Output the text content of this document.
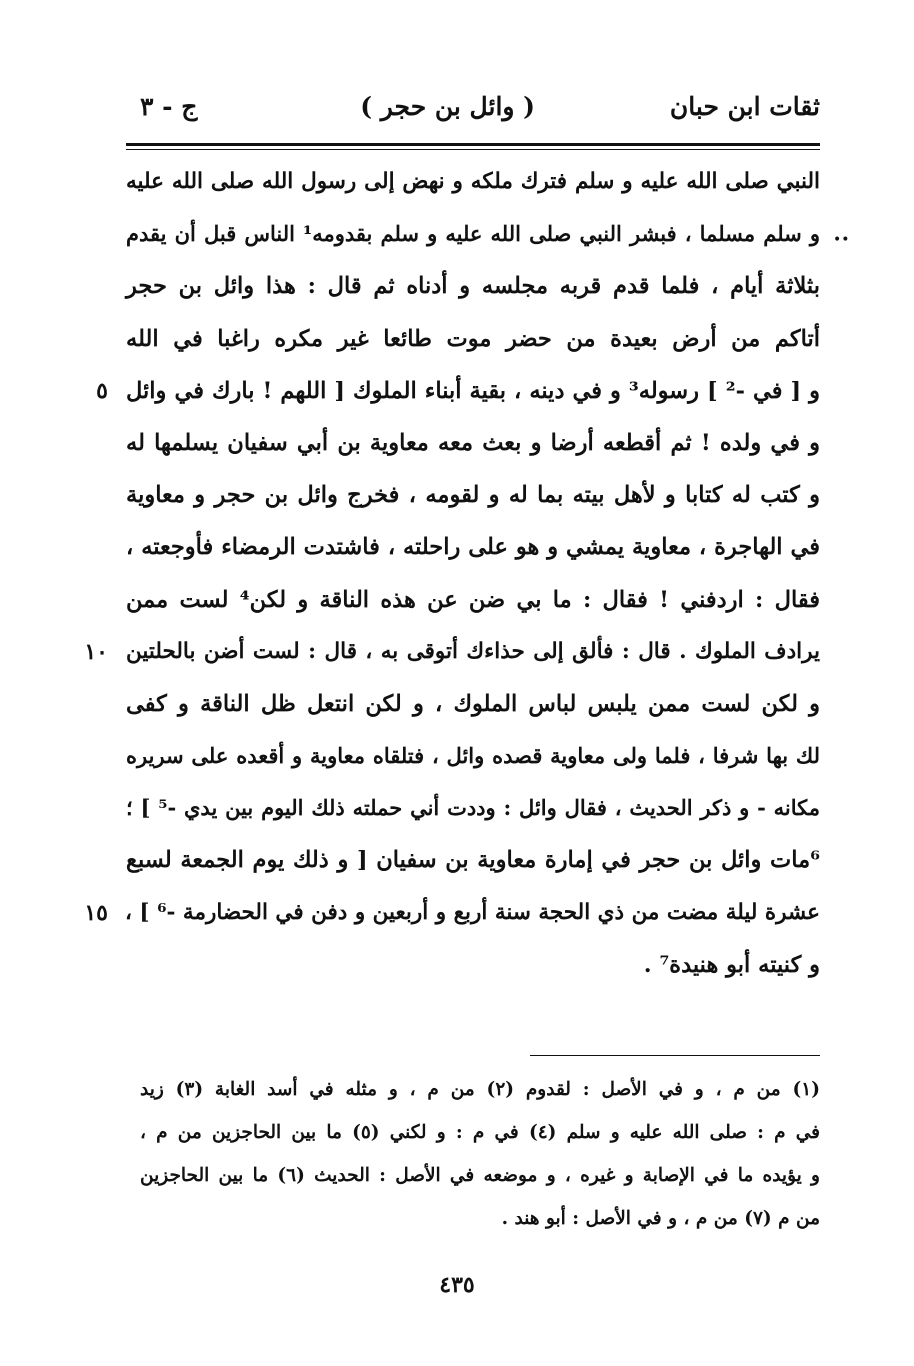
ثقات ابن حبان
( وائل بن حجر )
ج - ٣
••
النبي صلى الله عليه و سلم فترك ملكه و نهض إلى رسول الله صلى الله عليه
و سلم مسلما ، فبشر النبي صلى الله عليه و سلم بقدومه¹ الناس قبل أن يقدم
بثلاثة أيام ، فلما قدم قربه مجلسه و أدناه ثم قال : هذا وائل بن حجر
أتاكم من أرض بعيدة من حضر موت طائعا غير مكره راغبا في الله
و [ في -² ] رسوله³ و في دينه ، بقية أبناء الملوك [ اللهم ! بارك في وائل
٥
و في ولده ! ثم أقطعه أرضا و بعث معه معاوية بن أبي سفيان يسلمها له
و كتب له كتابا و لأهل بيته بما له و لقومه ، فخرج وائل بن حجر و معاوية
في الهاجرة ، معاوية يمشي و هو على راحلته ، فاشتدت الرمضاء فأوجعته ،
فقال : اردفني ! فقال : ما بي ضن عن هذه الناقة و لكن⁴ لست ممن
يرادف الملوك . قال : فألق إلى حذاءك أتوقى به ، قال : لست أضن بالحلتين
١٠
و لكن لست ممن يلبس لباس الملوك ، و لكن انتعل ظل الناقة و كفى
لك بها شرفا ، فلما ولى معاوية قصده وائل ، فتلقاه معاوية و أقعده على سريره
مكانه - و ذكر الحديث ، فقال وائل : وددت أني حملته ذلك اليوم بين يدي -⁵ ] ؛
⁶مات وائل بن حجر في إمارة معاوية بن سفيان [ و ذلك يوم الجمعة لسبع
عشرة ليلة مضت من ذي الحجة سنة أربع و أربعين و دفن في الحضارمة -⁶ ] ،
١٥
و كنيته أبو هنيدة⁷ .
(١) من م ، و في الأصل : لقدوم (٢) من م ، و مثله في أسد الغابة (٣) زيد
في م : صلى الله عليه و سلم (٤) في م : و لكني (٥) ما بين الحاجزين من م ،
و يؤيده ما في الإصابة و غيره ، و موضعه في الأصل : الحديث (٦) ما بين الحاجزين
من م (٧) من م ، و في الأصل : أبو هند .
٤٣٥
